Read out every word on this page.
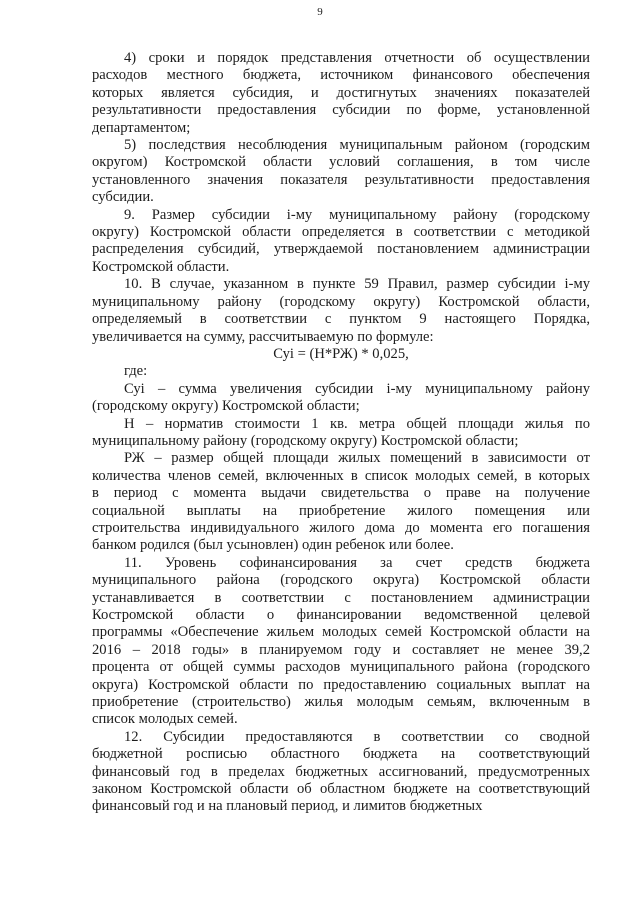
9
4) сроки и порядок представления отчетности об осуществлении
расходов местного бюджета, источником финансового обеспечения
которых является субсидия, и достигнутых значениях показателей
результативности предоставления субсидии по форме, установленной
департаментом;
5) последствия несоблюдения муниципальным районом (городским
округом) Костромской области условий соглашения, в том числе
установленного значения показателя результативности предоставления
субсидии.
9. Размер субсидии i-му муниципальному району (городскому
округу) Костромской области определяется в соответствии с методикой
распределения субсидий, утверждаемой постановлением администрации
Костромской области.
10. В случае, указанном в пункте 59 Правил, размер субсидии i-му
муниципальному району (городскому округу) Костромской области,
определяемый в соответствии с пунктом 9 настоящего Порядка,
увеличивается на сумму, рассчитываемую по формуле:
Суi = (Н*РЖ) * 0,025,
где:
Суi – сумма увеличения субсидии i-му муниципальному району
(городскому округу) Костромской области;
Н – норматив стоимости 1 кв. метра общей площади жилья по
муниципальному району (городскому округу) Костромской области;
РЖ – размер общей площади жилых помещений в зависимости от
количества членов семей, включенных в список молодых семей, в которых
в период с момента выдачи свидетельства о праве на получение
социальной выплаты на приобретение жилого помещения или
строительства индивидуального жилого дома до момента его погашения
банком родился (был усыновлен) один ребенок или более.
11. Уровень софинансирования за счет средств бюджета
муниципального района (городского округа) Костромской области
устанавливается в соответствии с постановлением администрации
Костромской области о финансировании ведомственной целевой
программы «Обеспечение жильем молодых семей Костромской области на
2016 – 2018 годы» в планируемом году и составляет не менее 39,2
процента от общей суммы расходов муниципального района (городского
округа) Костромской области по предоставлению социальных выплат на
приобретение (строительство) жилья молодым семьям, включенным в
список молодых семей.
12. Субсидии предоставляются в соответствии со сводной
бюджетной росписью областного бюджета на соответствующий
финансовый год в пределах бюджетных ассигнований, предусмотренных
законом Костромской области об областном бюджете на соответствующий
финансовый год и на плановый период, и лимитов бюджетных
